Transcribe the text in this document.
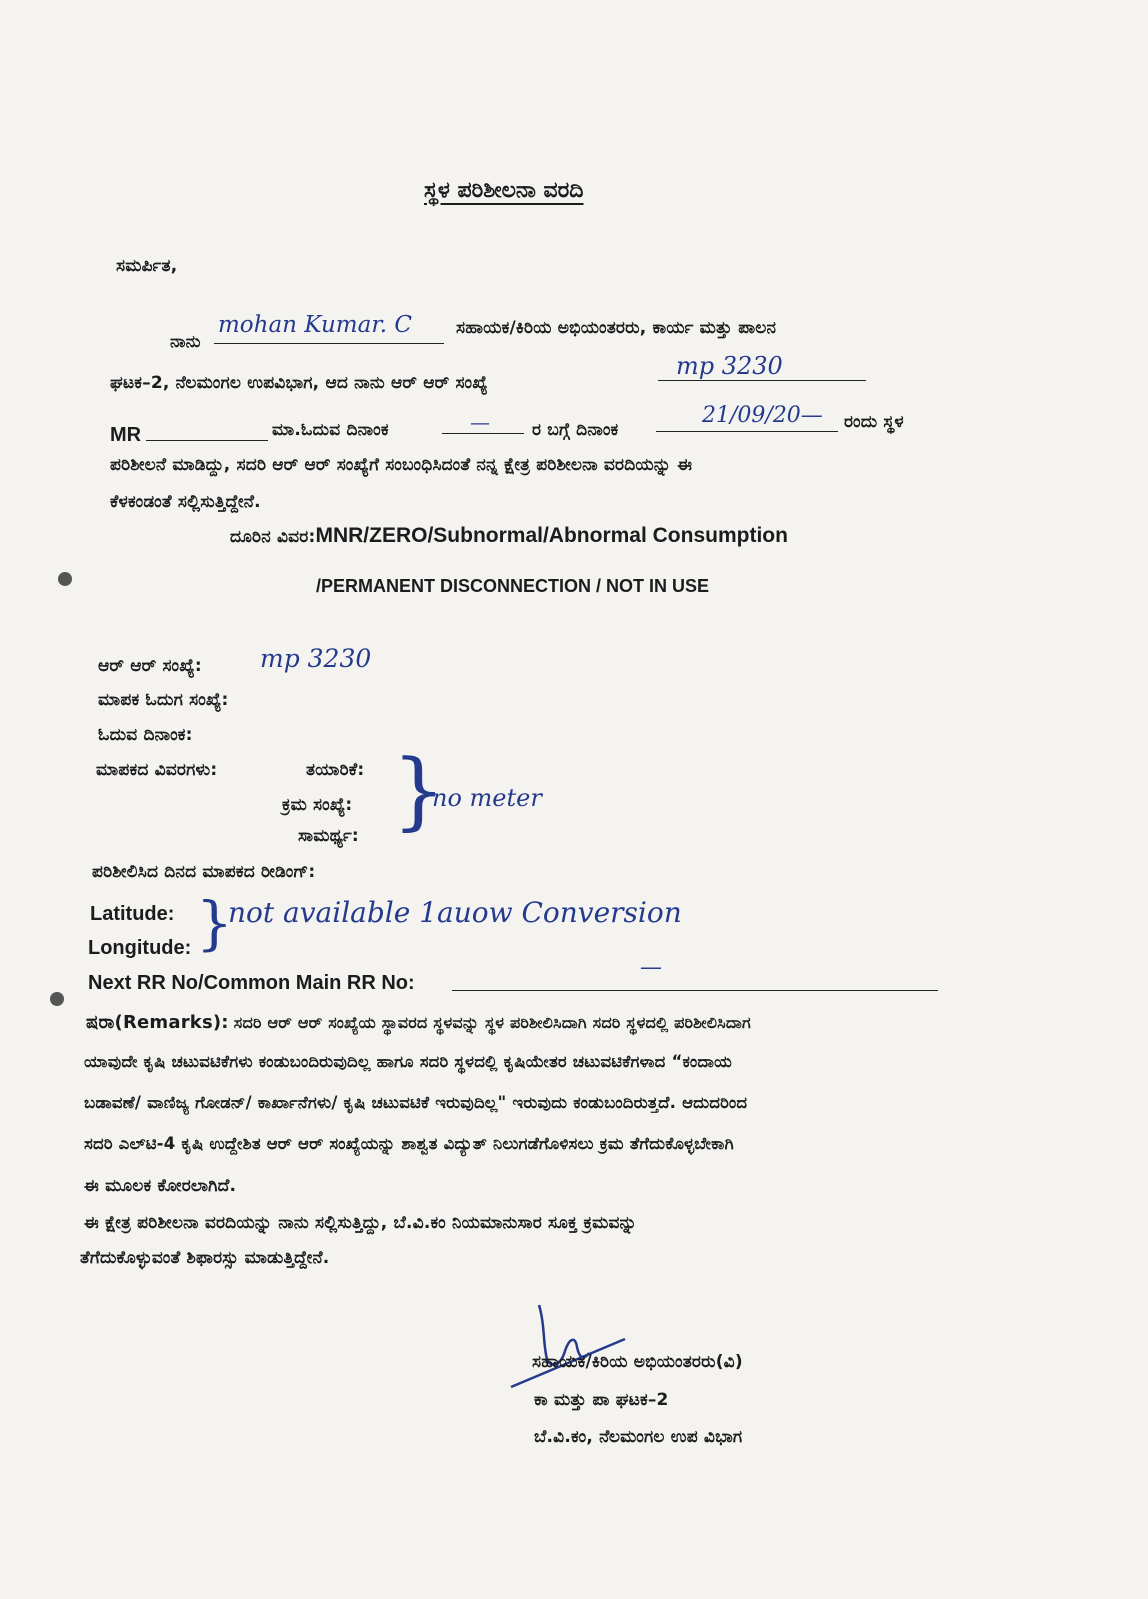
ಸ್ಥಳ ಪರಿಶೀಲನಾ ವರದಿ
ಸಮರ್ಪಿತ,
ನಾನು
mohan Kumar. C	ಸಹಾಯಕ/ಕಿರಿಯ ಅಭಿಯಂತರರು, ಕಾರ್ಯ ಮತ್ತು ಪಾಲನ
ಘಟಕ–2, ನೆಲಮಂಗಲ ಉಪವಿಭಾಗ, ಆದ ನಾನು ಆರ್ ಆರ್ ಸಂಖ್ಯೆ
mp 3230
MR	ಮಾ.ಓದುವ ದಿನಾಂಕ	— ರ ಬಗ್ಗೆ ದಿನಾಂಕ
21/09/20— ರಂದು ಸ್ಥಳ
ಪರಿಶೀಲನೆ ಮಾಡಿದ್ದು, ಸದರಿ ಆರ್ ಆರ್ ಸಂಖ್ಯೆಗೆ ಸಂಬಂಧಿಸಿದಂತೆ ನನ್ನ ಕ್ಷೇತ್ರ ಪರಿಶೀಲನಾ ವರದಿಯನ್ನು ಈ
ಕೆಳಕಂಡಂತೆ ಸಲ್ಲಿಸುತ್ತಿದ್ದೇನೆ.
ದೂರಿನ ವಿವರ:MNR/ZERO/Subnormal/Abnormal Consumption
/PERMANENT DISCONNECTION / NOT IN USE
ಆರ್ ಆರ್ ಸಂಖ್ಯೆ: mp 3230
ಮಾಪಕ ಓದುಗ ಸಂಖ್ಯೆ:
ಓದುವ ದಿನಾಂಕ:
ಮಾಪಕದ ವಿವರಗಳು:	ತಯಾರಿಕೆ:
ಕ್ರಮ ಸಂಖ್ಯೆ:
ಸಾಮರ್ಥ್ಯ: }
no meter
ಪರಿಶೀಲಿಸಿದ ದಿನದ ಮಾಪಕದ ರೀಡಿಂಗ್:
Latitude:
Longitude: }
not available 1auow Conversion
Next RR No/Common Main RR No:
—
ಷರಾ(Remarks): ಸದರಿ ಆರ್ ಆರ್ ಸಂಖ್ಯೆಯ ಸ್ಥಾವರದ ಸ್ಥಳವನ್ನು ಸ್ಥಳ ಪರಿಶೀಲಿಸಿದಾಗಿ ಸದರಿ ಸ್ಥಳದಲ್ಲಿ ಪರಿಶೀಲಿಸಿದಾಗ
ಯಾವುದೇ ಕೃಷಿ ಚಟುವಟಿಕೆಗಳು ಕಂಡುಬಂದಿರುವುದಿಲ್ಲ ಹಾಗೂ ಸದರಿ ಸ್ಥಳದಲ್ಲಿ ಕೃಷಿಯೇತರ ಚಟುವಟಿಕೆಗಳಾದ “ಕಂದಾಯ
ಬಡಾವಣೆ/ ವಾಣಿಜ್ಯ ಗೋಡನ್/ ಕಾರ್ಖಾನೆಗಳು/ ಕೃಷಿ ಚಟುವಟಿಕೆ ಇರುವುದಿಲ್ಲ" ಇರುವುದು ಕಂಡುಬಂದಿರುತ್ತದೆ. ಆದುದರಿಂದ
ಸದರಿ ಎಲ್‌ಟಿ-4 ಕೃಷಿ ಉದ್ದೇಶಿತ ಆರ್ ಆರ್ ಸಂಖ್ಯೆಯನ್ನು ಶಾಶ್ವತ ವಿದ್ಯುತ್ ನಿಲುಗಡೆಗೊಳಿಸಲು ಕ್ರಮ ತೆಗೆದುಕೊಳ್ಳಬೇಕಾಗಿ
ಈ ಮೂಲಕ ಕೋರಲಾಗಿದೆ.
ಈ ಕ್ಷೇತ್ರ ಪರಿಶೀಲನಾ ವರದಿಯನ್ನು ನಾನು ಸಲ್ಲಿಸುತ್ತಿದ್ದು, ಬೆ.ವಿ.ಕಂ ನಿಯಮಾನುಸಾರ ಸೂಕ್ತ ಕ್ರಮವನ್ನು
ತೆಗೆದುಕೊಳ್ಳುವಂತೆ ಶಿಫಾರಸ್ಸು ಮಾಡುತ್ತಿದ್ದೇನೆ.
ಸಹಾಯಕ/ಕಿರಿಯ ಅಭಿಯಂತರರು(ವಿ)
ಕಾ ಮತ್ತು ಪಾ ಘಟಕ–2
ಬೆ.ವಿ.ಕಂ, ನೆಲಮಂಗಲ ಉಪ ವಿಭಾಗ
